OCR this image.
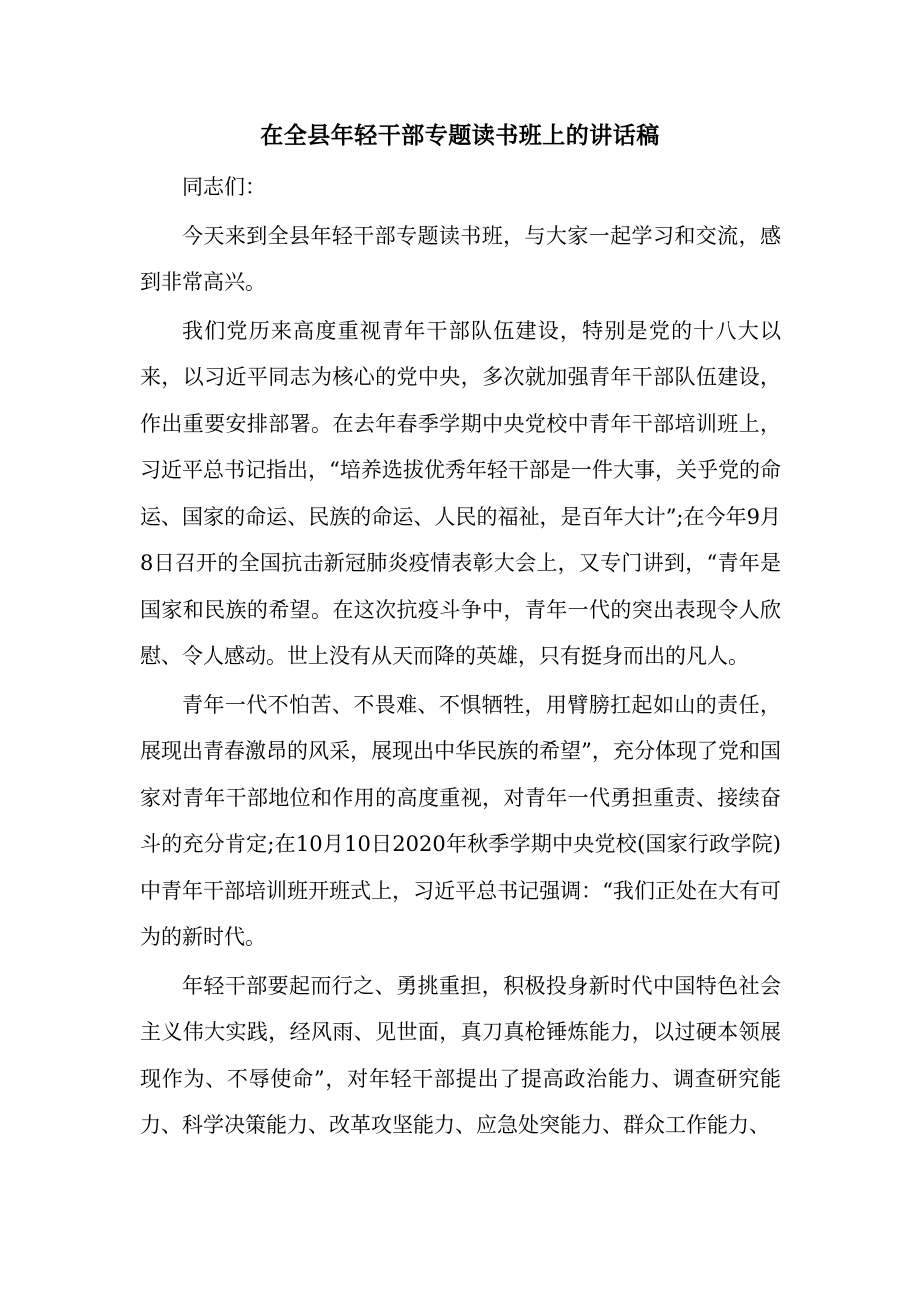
在全县年轻干部专题读书班上的讲话稿

同志们：

今天来到全县年轻干部专题读书班，与大家一起学习和交流，感到非常高兴。

我们党历来高度重视青年干部队伍建设，特别是党的十八大以来，以习近平同志为核心的党中央，多次就加强青年干部队伍建设，作出重要安排部署。在去年春季学期中央党校中青年干部培训班上，习近平总书记指出，“培养选拔优秀年轻干部是一件大事，关乎党的命运、国家的命运、民族的命运、人民的福祉，是百年大计”;在今年9月8日召开的全国抗击新冠肺炎疫情表彰大会上，又专门讲到，“青年是国家和民族的希望。在这次抗疫斗争中，青年一代的突出表现令人欣慰、令人感动。世上没有从天而降的英雄，只有挺身而出的凡人。

青年一代不怕苦、不畏难、不惧牺牲，用臂膀扛起如山的责任，展现出青春激昂的风采，展现出中华民族的希望”，充分体现了党和国家对青年干部地位和作用的高度重视，对青年一代勇担重责、接续奋斗的充分肯定;在10月10日2020年秋季学期中央党校(国家行政学院)中青年干部培训班开班式上，习近平总书记强调：“我们正处在大有可为的新时代。

年轻干部要起而行之、勇挑重担，积极投身新时代中国特色社会主义伟大实践，经风雨、见世面，真刀真枪锤炼能力，以过硬本领展现作为、不辱使命”，对年轻干部提出了提高政治能力、调查研究能力、科学决策能力、改革攻坚能力、应急处突能力、群众工作能力、
